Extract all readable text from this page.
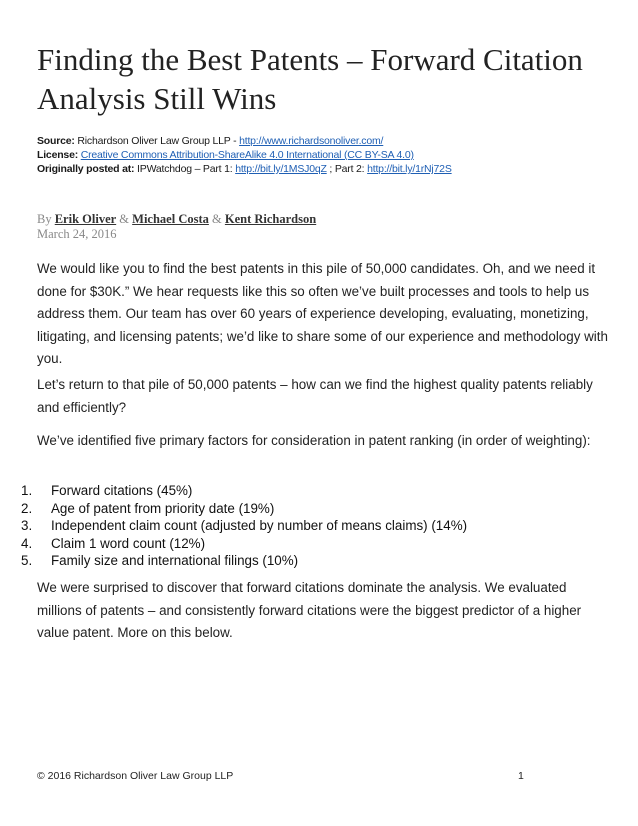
Finding the Best Patents – Forward Citation Analysis Still Wins
Source: Richardson Oliver Law Group LLP - http://www.richardsonoliver.com/
License: Creative Commons Attribution-ShareAlike 4.0 International (CC BY-SA 4.0)
Originally posted at: IPWatchdog – Part 1: http://bit.ly/1MSJ0qZ ; Part 2: http://bit.ly/1rNj72S
By Erik Oliver & Michael Costa & Kent Richardson
March 24, 2016

We would like you to find the best patents in this pile of 50,000 candidates. Oh, and we need it done for $30K.” We hear requests like this so often we’ve built processes and tools to help us address them. Our team has over 60 years of experience developing, evaluating, monetizing, litigating, and licensing patents; we’d like to share some of our experience and methodology with you.

Let’s return to that pile of 50,000 patents – how can we find the highest quality patents reliably and efficiently?

We’ve identified five primary factors for consideration in patent ranking (in order of weighting):

1.	Forward citations (45%)
2.	Age of patent from priority date (19%)
3.	Independent claim count (adjusted by number of means claims) (14%)
4.	Claim 1 word count (12%)
5.	Family size and international filings (10%)

We were surprised to discover that forward citations dominate the analysis. We evaluated millions of patents – and consistently forward citations were the biggest predictor of a higher value patent. More on this below.

© 2016 Richardson Oliver Law Group LLP	1
